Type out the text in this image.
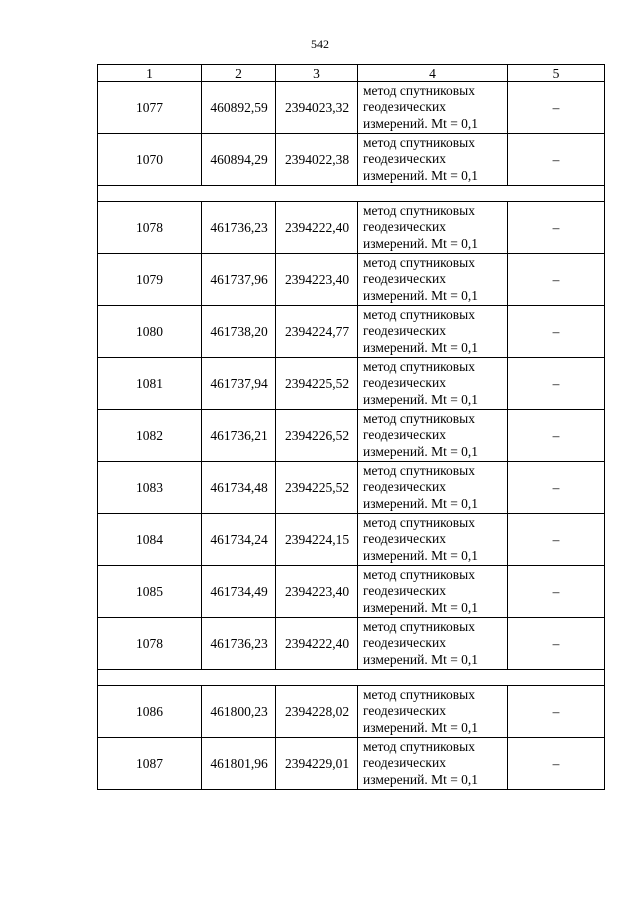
542
1	2	3	4	5
1077	460892,59	2394023,32	метод спутниковых
геодезических
измерений. Mt = 0,1	–
1070	460894,29	2394022,38	метод спутниковых
геодезических
измерений. Mt = 0,1	–

1078	461736,23	2394222,40	метод спутниковых
геодезических
измерений. Mt = 0,1	–
1079	461737,96	2394223,40	метод спутниковых
геодезических
измерений. Mt = 0,1	–
1080	461738,20	2394224,77	метод спутниковых
геодезических
измерений. Mt = 0,1	–
1081	461737,94	2394225,52	метод спутниковых
геодезических
измерений. Mt = 0,1	–
1082	461736,21	2394226,52	метод спутниковых
геодезических
измерений. Mt = 0,1	–
1083	461734,48	2394225,52	метод спутниковых
геодезических
измерений. Mt = 0,1	–
1084	461734,24	2394224,15	метод спутниковых
геодезических
измерений. Mt = 0,1	–
1085	461734,49	2394223,40	метод спутниковых
геодезических
измерений. Mt = 0,1	–
1078	461736,23	2394222,40	метод спутниковых
геодезических
измерений. Mt = 0,1	–

1086	461800,23	2394228,02	метод спутниковых
геодезических
измерений. Mt = 0,1	–
1087	461801,96	2394229,01	метод спутниковых
геодезических
измерений. Mt = 0,1	–
